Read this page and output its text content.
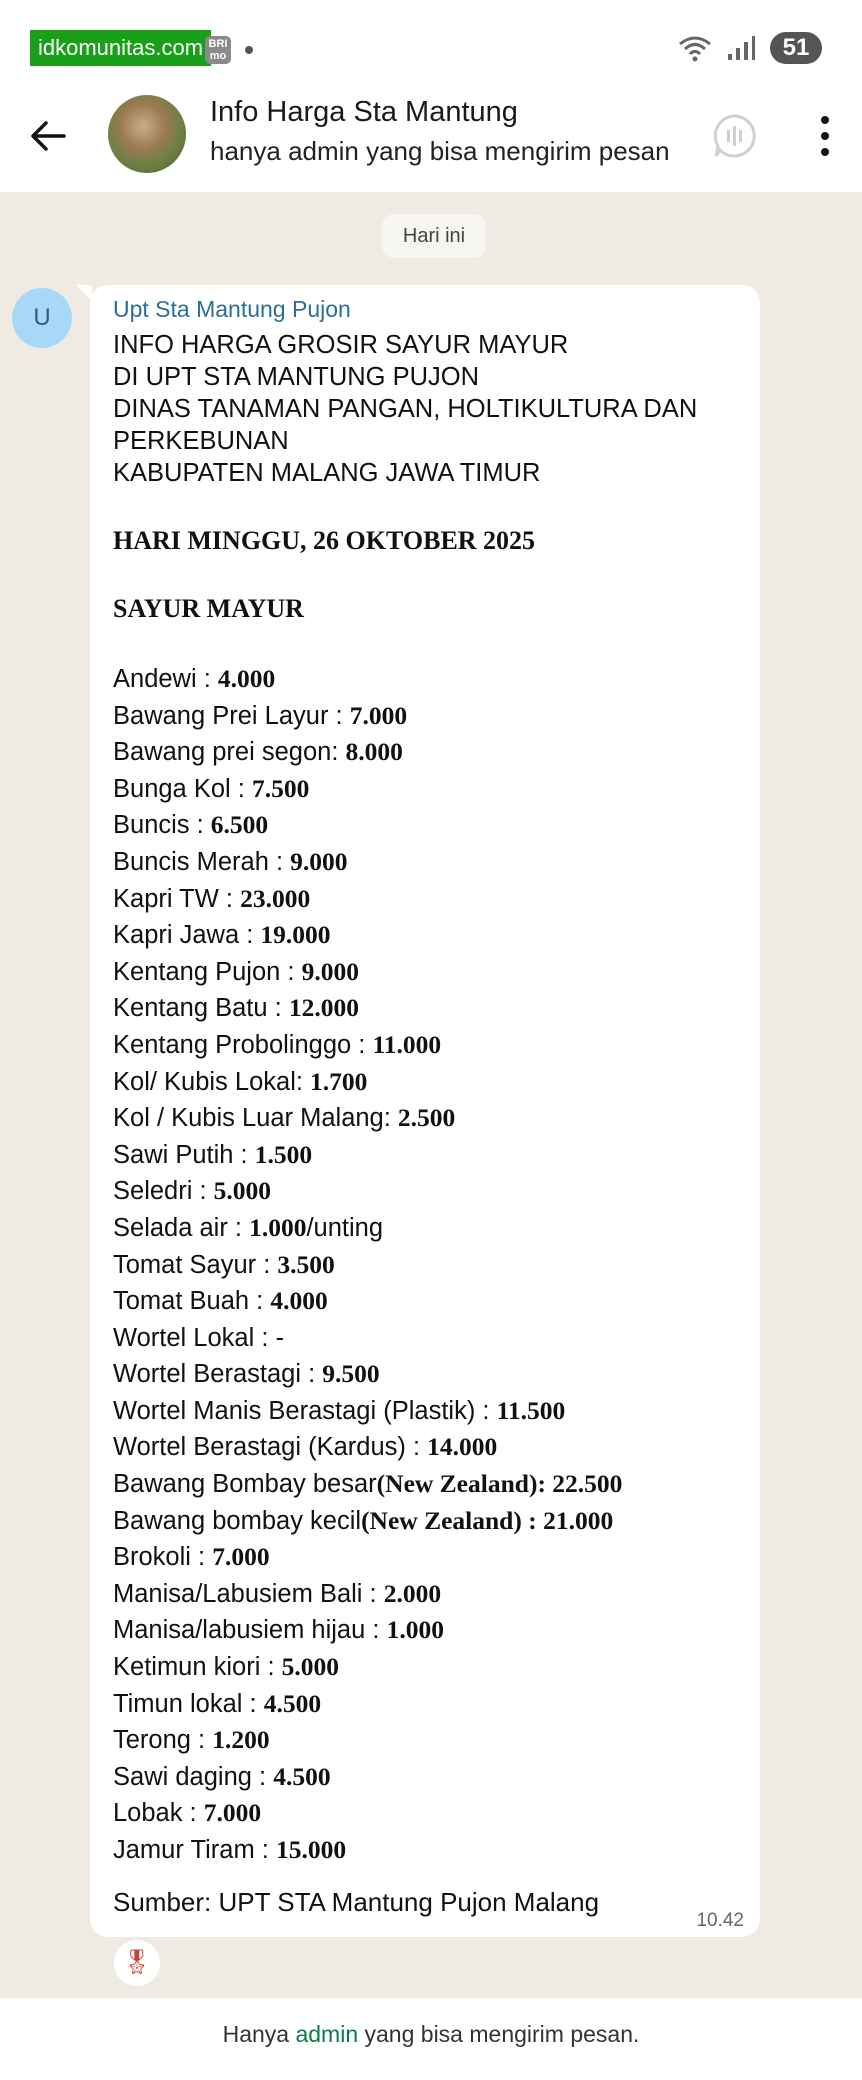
idkomunitas.com BRI mo	51
Info Harga Sta Mantung
hanya admin yang bisa mengirim pesan
Hari ini
U	Upt Sta Mantung Pujon
INFO HARGA GROSIR SAYUR MAYUR
DI UPT STA MANTUNG PUJON
DINAS TANAMAN PANGAN, HOLTIKULTURA DAN
PERKEBUNAN
KABUPATEN MALANG JAWA TIMUR
HARI MINGGU, 26 OKTOBER 2025
SAYUR MAYUR
Andewi : 4.000
Bawang Prei Layur : 7.000
Bawang prei segon: 8.000
Bunga Kol : 7.500
Buncis : 6.500
Buncis Merah : 9.000
Kapri TW : 23.000
Kapri Jawa : 19.000
Kentang Pujon : 9.000
Kentang Batu : 12.000
Kentang Probolinggo : 11.000
Kol/ Kubis Lokal: 1.700
Kol / Kubis Luar Malang: 2.500
Sawi Putih : 1.500
Seledri : 5.000
Selada air : 1.000/unting
Tomat Sayur : 3.500
Tomat Buah : 4.000
Wortel Lokal : -
Wortel Berastagi : 9.500
Wortel Manis Berastagi (Plastik) : 11.500
Wortel Berastagi (Kardus) : 14.000
Bawang Bombay besar(New Zealand): 22.500
Bawang bombay kecil(New Zealand) : 21.000
Brokoli : 7.000
Manisa/Labusiem Bali : 2.000
Manisa/labusiem hijau : 1.000
Ketimun kiori : 5.000
Timun lokal : 4.500
Terong : 1.200
Sawi daging : 4.500
Lobak : 7.000
Jamur Tiram : 15.000
Sumber: UPT STA Mantung Pujon Malang
10.42
🎖
Hanya admin yang bisa mengirim pesan.
